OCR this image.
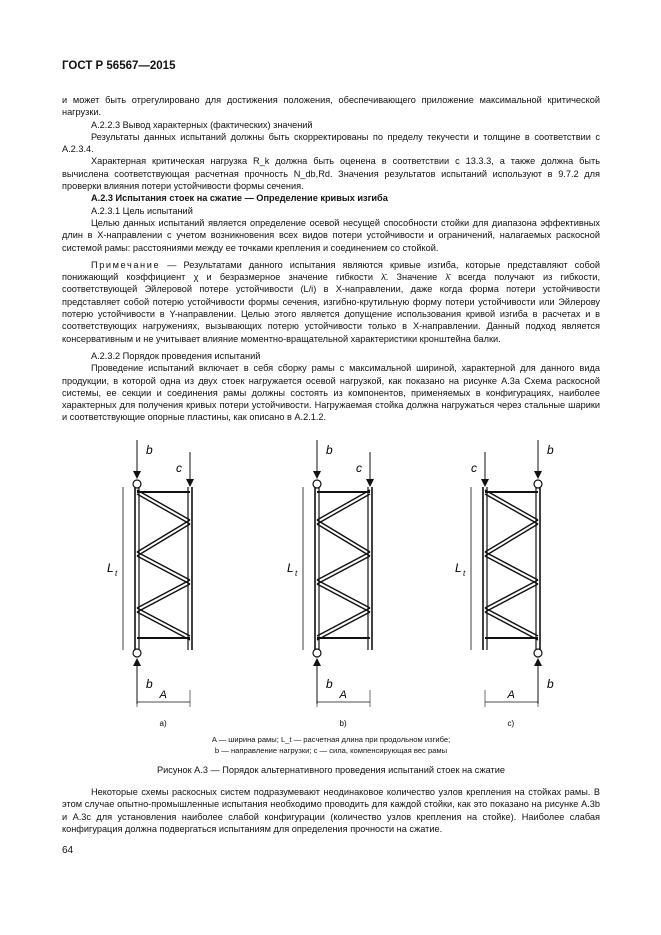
ГОСТ Р 56567—2015

и может быть отрегулировано для достижения положения, обеспечивающего приложение максимальной критической нагрузки.

A.2.2.3 Вывод характерных (фактических) значений

Результаты данных испытаний должны быть скорректированы по пределу текучести и толщине в соответствии с А.2.3.4.

Характерная критическая нагрузка R_k должна быть оценена в соответствии с 13.3.3, а также должна быть вычислена соответствующая расчетная прочность N_db,Rd. Значения результатов испытаний используют в 9.7.2 для проверки влияния потери устойчивости формы сечения.

А.2.3 Испытания стоек на сжатие — Определение кривых изгиба

А.2.3.1 Цель испытаний

Целью данных испытаний является определение осевой несущей способности стойки для диапазона эффективных длин в X-направлении с учетом возникновения всех видов потери устойчивости и ограничений, налагаемых раскосной системой рамы: расстояниями между ее точками крепления и соединением со стойкой.

Примечание — Результатами данного испытания являются кривые изгиба, которые представляют собой понижающий коэффициент χ и безразмерное значение гибкости λ̄. Значение λ̄ всегда получают из гибкости, соответствующей Эйлеровой потере устойчивости (L/i) в X-направлении, даже когда форма потери устойчивости представляет собой потерю устойчивости формы сечения, изгибно-крутильную форму потери устойчивости или Эйлерову потерю устойчивости в Y-направлении. Целью этого является допущение использования кривой изгиба в расчетах и в соответствующих нагружениях, вызывающих потерю устойчивости только в X-направлении. Данный подход является консервативным и не учитывает влияние моментно-вращательной характеристики кронштейна балки.

А.2.3.2 Порядок проведения испытаний

Проведение испытаний включает в себя сборку рамы с максимальной шириной, характерной для данного вида продукции, в которой одна из двух стоек нагружается осевой нагрузкой, как показано на рисунке А.3а Схема раскосной системы, ее секции и соединения рамы должны состоять из компонентов, применяемых в конфигурациях, наиболее характерных для получения кривых потери устойчивости. Нагружаемая стойка должна нагружаться через стальные шарики и соответствующие опорные пластины, как описано в А.2.1.2.

b
b
c
L t
A
a)
b
b
c
L t
A
b)
b
b
c
L t
A
c)
A — ширина рамы; L_t — расчетная длина при продольном изгибе;
b — направление нагрузки; c — сила, компенсирующая вес рамы
Рисунок А.3 — Порядок альтернативного проведения испытаний стоек на сжатие

Некоторые схемы раскосных систем подразумевают неодинаковое количество узлов крепления на стойках рамы. В этом случае опытно-промышленные испытания необходимо проводить для каждой стойки, как это показано на рисунке А.3b и А.3с для установления наиболее слабой конфигурации (количество узлов крепления на стойке). Наиболее слабая конфигурация должна подвергаться испытаниям для определения прочности на сжатие.

64
